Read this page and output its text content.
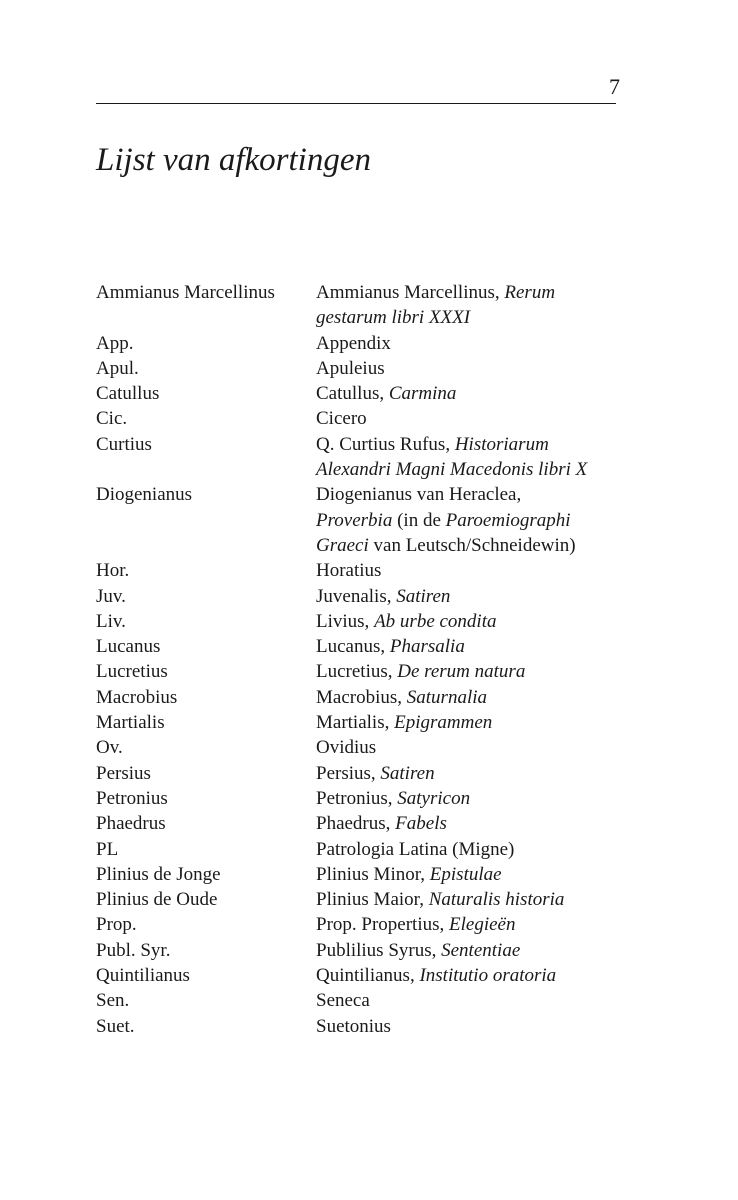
7
Lijst van afkortingen
Ammianus Marcellinus	Ammianus Marcellinus, Rerum
gestarum libri XXXI
App.	Appendix
Apul.	Apuleius
Catullus	Catullus, Carmina
Cic.	Cicero
Curtius	Q. Curtius Rufus, Historiarum
Alexandri Magni Macedonis libri X
Diogenianus	Diogenianus van Heraclea,
Proverbia (in de Paroemiographi
Graeci van Leutsch/Schneidewin)
Hor.	Horatius
Juv.	Juvenalis, Satiren
Liv.	Livius, Ab urbe condita
Lucanus	Lucanus, Pharsalia
Lucretius	Lucretius, De rerum natura
Macrobius	Macrobius, Saturnalia
Martialis	Martialis, Epigrammen
Ov.	Ovidius
Persius	Persius, Satiren
Petronius	Petronius, Satyricon
Phaedrus	Phaedrus, Fabels
PL	Patrologia Latina (Migne)
Plinius de Jonge	Plinius Minor, Epistulae
Plinius de Oude	Plinius Maior, Naturalis historia
Prop.	Prop. Propertius, Elegieën
Publ. Syr.	Publilius Syrus, Sententiae
Quintilianus	Quintilianus, Institutio oratoria
Sen.	Seneca
Suet.	Suetonius
